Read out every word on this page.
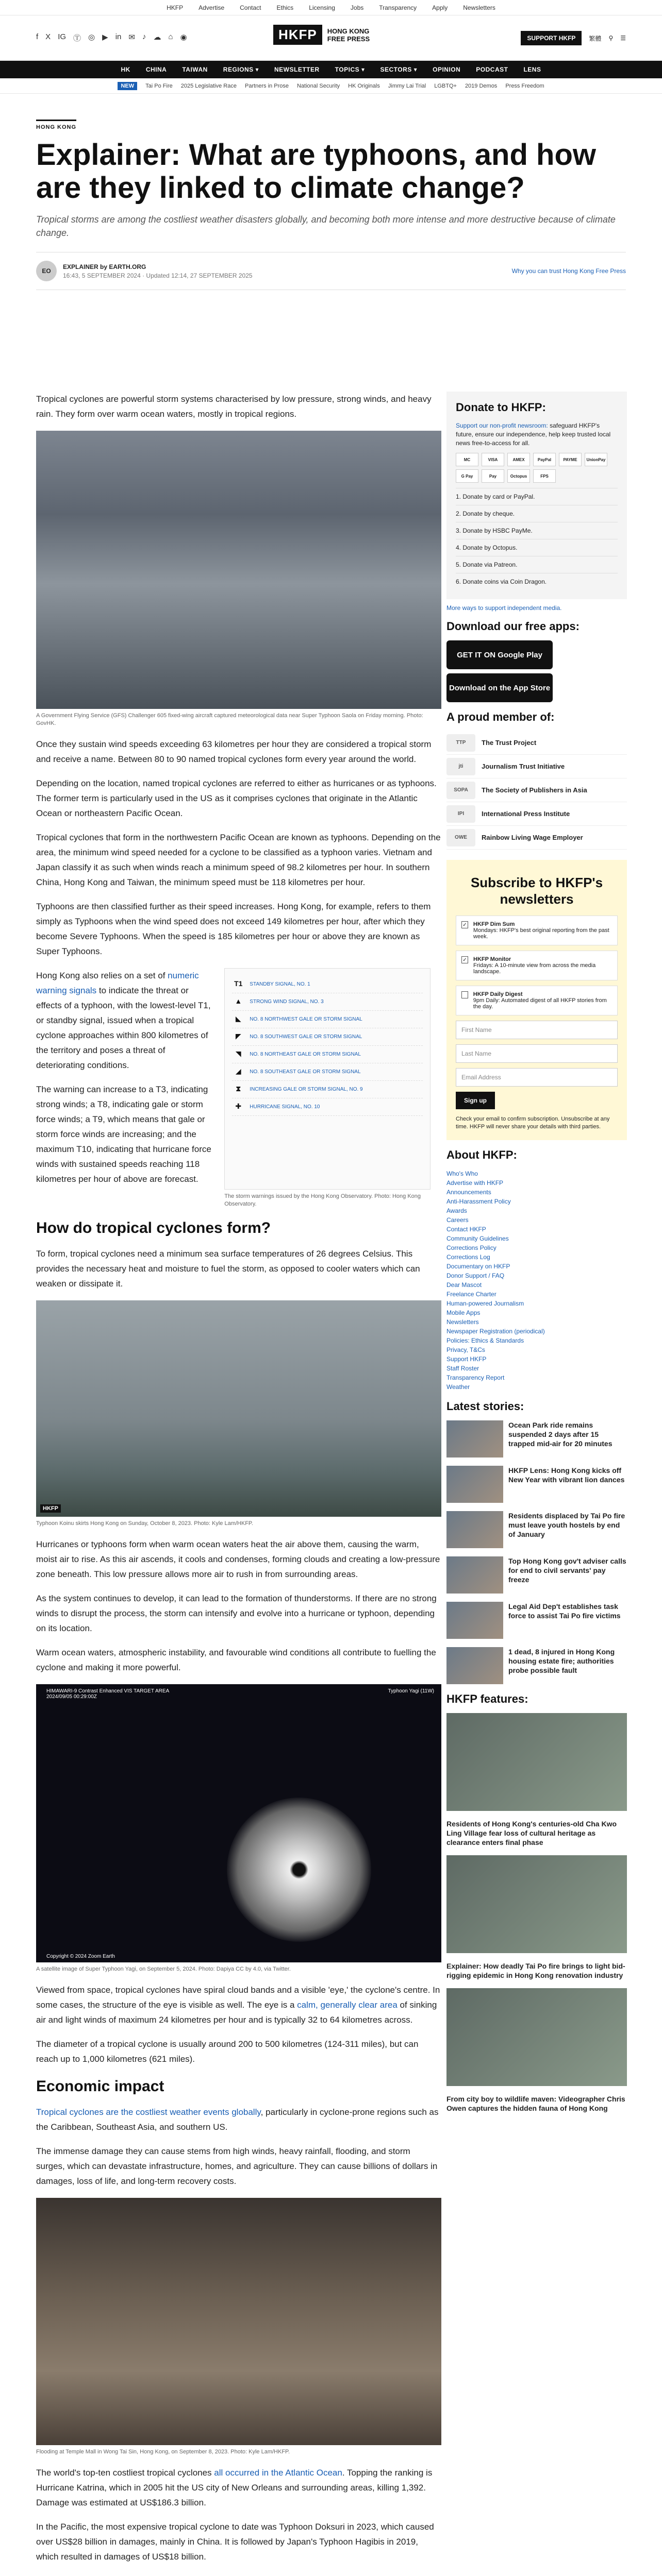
HKFP	Advertise	Contact	Ethics	Licensing	Jobs	Transparency	Apply	Newsletters
f X IG Ⓣ ◎ ▶ in ✉ ♪ ☁ ⌂ ◉	HKFP	HONG KONG
FREE PRESS	SUPPORT HKFP	繁體 ⚲ ☰
HK	CHINA	TAIWAN	REGIONS ▾	NEWSLETTER	TOPICS ▾	SECTORS ▾	OPINION	PODCAST	LENS
NEW	Tai Po Fire 2025 Legislative Race Partners in Prose National Security HK Originals Jimmy Lai Trial LGBTQ+ 2019 Demos Press Freedom
HONG KONG
Explainer: What are typhoons, and how are they linked to climate change?
Tropical storms are among the costliest weather disasters globally, and becoming both more intense and more destructive because of climate change.
EO
EXPLAINER by EARTH.ORG
16:43, 5 SEPTEMBER 2024 · Updated 12:14, 27 SEPTEMBER 2025
Why you can trust Hong Kong Free Press

Tropical cyclones are powerful storm systems characterised by low pressure, strong winds, and heavy rain. They form over warm ocean waters, mostly in tropical regions.

A Government Flying Service (GFS) Challenger 605 fixed-wing aircraft captured meteorological data near Super Typhoon Saola on Friday morning. Photo: GovHK.

Once they sustain wind speeds exceeding 63 kilometres per hour they are considered a tropical storm and receive a name. Between 80 to 90 named tropical cyclones form every year around the world.

Depending on the location, named tropical cyclones are referred to either as hurricanes or as typhoons. The former term is particularly used in the US as it comprises cyclones that originate in the Atlantic Ocean or northeastern Pacific Ocean.

Tropical cyclones that form in the northwestern Pacific Ocean are known as typhoons. Depending on the area, the minimum wind speed needed for a cyclone to be classified as a typhoon varies. Vietnam and Japan classify it as such when winds reach a minimum speed of 98.2 kilometres per hour. In southern China, Hong Kong and Taiwan, the minimum speed must be 118 kilometres per hour.

Typhoons are then classified further as their speed increases. Hong Kong, for example, refers to them simply as Typhoons when the wind speed does not exceed 149 kilometres per hour, after which they become Severe Typhoons. When the speed is 185 kilometres per hour or above they are known as Super Typhoons.

Hong Kong also relies on a set of numeric warning signals to indicate the threat or effects of a typhoon, with the lowest-level T1, or standby signal, issued when a tropical cyclone approaches within 800 kilometres of the territory and poses a threat of deteriorating conditions.

The warning can increase to a T3, indicating strong winds; a T8, indicating gale or storm force winds; a T9, which means that gale or storm force winds are increasing; and the maximum T10, indicating that hurricane force winds with sustained speeds reaching 118 kilometres per hour of above are forecast.

T1	STANDBY SIGNAL, NO. 1
▲	STRONG WIND SIGNAL, NO. 3
◣	NO. 8 NORTHWEST GALE OR STORM SIGNAL
◤	NO. 8 SOUTHWEST GALE OR STORM SIGNAL
◥	NO. 8 NORTHEAST GALE OR STORM SIGNAL
◢	NO. 8 SOUTHEAST GALE OR STORM SIGNAL
⧗	INCREASING GALE OR STORM SIGNAL, NO. 9
✚	HURRICANE SIGNAL, NO. 10
The storm warnings issued by the Hong Kong Observatory. Photo: Hong Kong Observatory.
How do tropical cyclones form?

To form, tropical cyclones need a minimum sea surface temperatures of 26 degrees Celsius. This provides the necessary heat and moisture to fuel the storm, as opposed to cooler waters which can weaken or dissipate it.

HKFP
Typhoon Koinu skirts Hong Kong on Sunday, October 8, 2023. Photo: Kyle Lam/HKFP.

Hurricanes or typhoons form when warm ocean waters heat the air above them, causing the warm, moist air to rise. As this air ascends, it cools and condenses, forming clouds and creating a low-pressure zone beneath. This low pressure allows more air to rush in from surrounding areas.

As the system continues to develop, it can lead to the formation of thunderstorms. If there are no strong winds to disrupt the process, the storm can intensify and evolve into a hurricane or typhoon, depending on its location.

Warm ocean waters, atmospheric instability, and favourable wind conditions all contribute to fuelling the cyclone and making it more powerful.

HIMAWARI-9 Contrast Enhanced VIS TARGET AREA
2024/09/05 00:29:00Z
Typhoon Yagi (11W)
Copyright © 2024 Zoom Earth
A satellite image of Super Typhoon Yagi, on September 5, 2024. Photo: Dapiya CC by 4.0, via Twitter.

Viewed from space, tropical cyclones have spiral cloud bands and a visible 'eye,' the cyclone's centre. In some cases, the structure of the eye is visible as well. The eye is a calm, generally clear area of sinking air and light winds of maximum 24 kilometres per hour and is typically 32 to 64 kilometres across.

The diameter of a tropical cyclone is usually around 200 to 500 kilometres (124-311 miles), but can reach up to 1,000 kilometres (621 miles).

Economic impact

Tropical cyclones are the costliest weather events globally, particularly in cyclone-prone regions such as the Caribbean, Southeast Asia, and southern US.

The immense damage they can cause stems from high winds, heavy rainfall, flooding, and storm surges, which can devastate infrastructure, homes, and agriculture. They can cause billions of dollars in damages, loss of life, and long-term recovery costs.

Flooding at Temple Mall in Wong Tai Sin, Hong Kong, on September 8, 2023. Photo: Kyle Lam/HKFP.

The world's top-ten costliest tropical cyclones all occurred in the Atlantic Ocean. Topping the ranking is Hurricane Katrina, which in 2005 hit the US city of New Orleans and surrounding areas, killing 1,392. Damage was estimated at US$186.3 billion.

In the Pacific, the most expensive tropical cyclone to date was Typhoon Doksuri in 2023, which caused over US$28 billion in damages, mainly in China. It is followed by Japan's Typhoon Hagibis in 2019, which resulted in damages of US$18 billion.

Donate to HKFP:

Support our non-profit newsroom: safeguard HKFP's future, ensure our independence, help keep trusted local news free-to-access for all.

MC	VISA	AMEX	PayPal	PAYME	UnionPay
G Pay	Pay	Octopus	FPS
1. Donate by card or PayPal.
2. Donate by cheque.
3. Donate by HSBC PayMe.
4. Donate by Octopus.
5. Donate via Patreon.
6. Donate coins via Coin Dragon.
More ways to support independent media.
Download our free apps:
GET IT ON Google Play
Download on the App Store
A proud member of:
TTP	The Trust Project
jti	Journalism Trust Initiative
SOPA	The Society of Publishers in Asia
IPI	International Press Institute
OWE	Rainbow Living Wage Employer
Subscribe to HKFP's newsletters
✓ HKFP Dim Sum
Mondays: HKFP's best original reporting from the past week.
✓ HKFP Monitor
Fridays: A 10-minute view from across the media landscape.
HKFP Daily Digest
9pm Daily: Automated digest of all HKFP stories from the day.
First Name
Last Name
Email Address
Sign up

Check your email to confirm subscription. Unsubscribe at any time. HKFP will never share your details with third parties.

About HKFP:
Who's Who
Advertise with HKFP
Announcements
Anti-Harassment Policy
Awards
Careers
Contact HKFP
Community Guidelines
Corrections Policy
Corrections Log
Documentary on HKFP
Donor Support / FAQ
Dear Mascot
Freelance Charter
Human-powered Journalism
Mobile Apps
Newsletters
Newspaper Registration (periodical)
Policies: Ethics & Standards
Privacy, T&Cs
Support HKFP
Staff Roster
Transparency Report
Weather
Latest stories:
Ocean Park ride remains suspended 2 days after 15 trapped mid-air for 20 minutes
HKFP Lens: Hong Kong kicks off New Year with vibrant lion dances
Residents displaced by Tai Po fire must leave youth hostels by end of January
Top Hong Kong gov't adviser calls for end to civil servants' pay freeze
Legal Aid Dep't establishes task force to assist Tai Po fire victims
1 dead, 8 injured in Hong Kong housing estate fire; authorities probe possible fault
HKFP features:
Residents of Hong Kong's centuries-old Cha Kwo Ling Village fear loss of cultural heritage as clearance enters final phase
Explainer: How deadly Tai Po fire brings to light bid-rigging epidemic in Hong Kong renovation industry
From city boy to wildlife maven: Videographer Chris Owen captures the hidden fauna of Hong Kong
